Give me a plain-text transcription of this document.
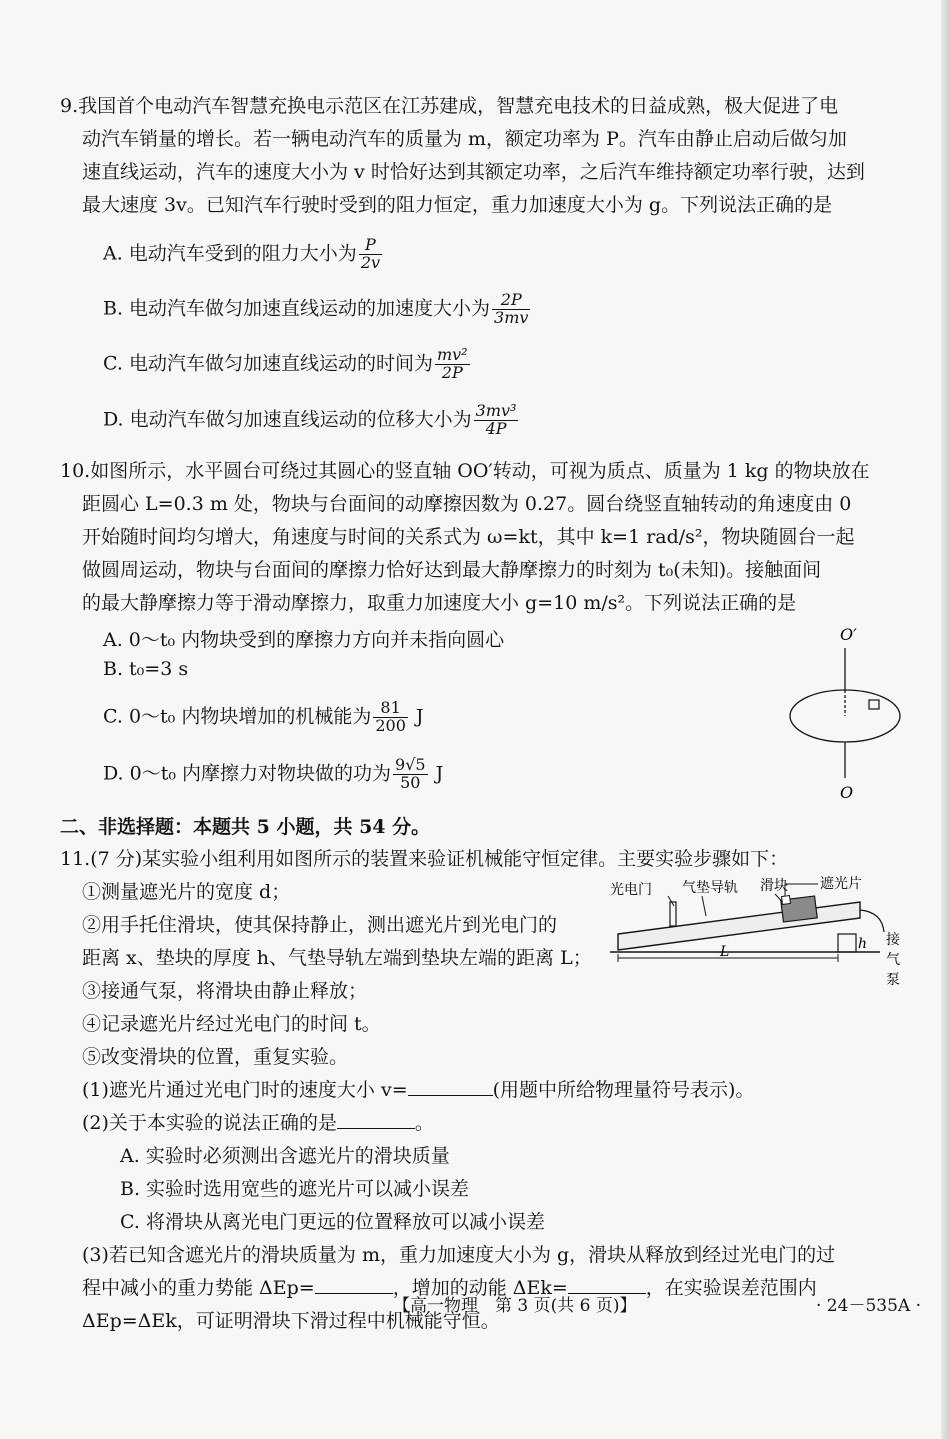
9.我国首个电动汽车智慧充换电示范区在江苏建成，智慧充电技术的日益成熟，极大促进了电

动汽车销量的增长。若一辆电动汽车的质量为 m，额定功率为 P。汽车由静止启动后做匀加

速直线运动，汽车的速度大小为 v 时恰好达到其额定功率，之后汽车维持额定功率行驶，达到

最大速度 3v。已知汽车行驶时受到的阻力恒定，重力加速度大小为 g。下列说法正确的是

A. 电动汽车受到的阻力大小为 $\frac{P}{2v}$
B. 电动汽车做匀加速直线运动的加速度大小为 $\frac{2P}{3mv}$
C. 电动汽车做匀加速直线运动的时间为 $\frac{\text{mv²}}{2P}$
D. 电动汽车做匀加速直线运动的位移大小为 $\frac{\text{3mv³}}{4P}$

10.如图所示，水平圆台可绕过其圆心的竖直轴 OO′转动，可视为质点、质量为 1 kg 的物块放在

距圆心 L=0.3 m 处，物块与台面间的动摩擦因数为 0.27。圆台绕竖直轴转动的角速度由 0

开始随时间均匀增大，角速度与时间的关系式为 ω=kt，其中 k=1 rad/s²，物块随圆台一起

做圆周运动，物块与台面间的摩擦力恰好达到最大静摩擦力的时刻为 t₀(未知)。接触面间

的最大静摩擦力等于滑动摩擦力，取重力加速度大小 g=10 m/s²。下列说法正确的是

A. 0～t₀ 内物块受到的摩擦力方向并未指向圆心
B. t₀=3 s
C. 0～t₀ 内物块增加的机械能为 $\frac{81}{200}$ J
D. 0～t₀ 内摩擦力对物块做的功为 $\frac{9√5}{50}$ J
O′
O
二、非选择题：本题共 5 小题，共 54 分。

11.(7 分)某实验小组利用如图所示的装置来验证机械能守恒定律。主要实验步骤如下：

①测量遮光片的宽度 d；

②用手托住滑块，使其保持静止，测出遮光片到光电门的

距离 x、垫块的厚度 h、气垫导轨左端到垫块左端的距离 L；

③接通气泵，将滑块由静止释放；

④记录遮光片经过光电门的时间 t。

⑤改变滑块的位置，重复实验。

(1)遮光片通过光电门时的速度大小 v=	(用题中所给物理量符号表示)。

(2)关于本实验的说法正确的是	。

A. 实验时必须测出含遮光片的滑块质量

B. 实验时选用宽些的遮光片可以减小误差

C. 将滑块从离光电门更远的位置释放可以减小误差

(3)若已知含遮光片的滑块质量为 m，重力加速度大小为 g，滑块从释放到经过光电门的过

程中减小的重力势能 ΔEp=	，增加的动能 ΔEk=	，在实验误差范围内

ΔEp=ΔEk，可证明滑块下滑过程中机械能守恒。

光电门 气垫导轨 滑块 遮光片
h
L
接
气
泵
【高一物理　第 3 页(共 6 页)】	· 24－535A ·
